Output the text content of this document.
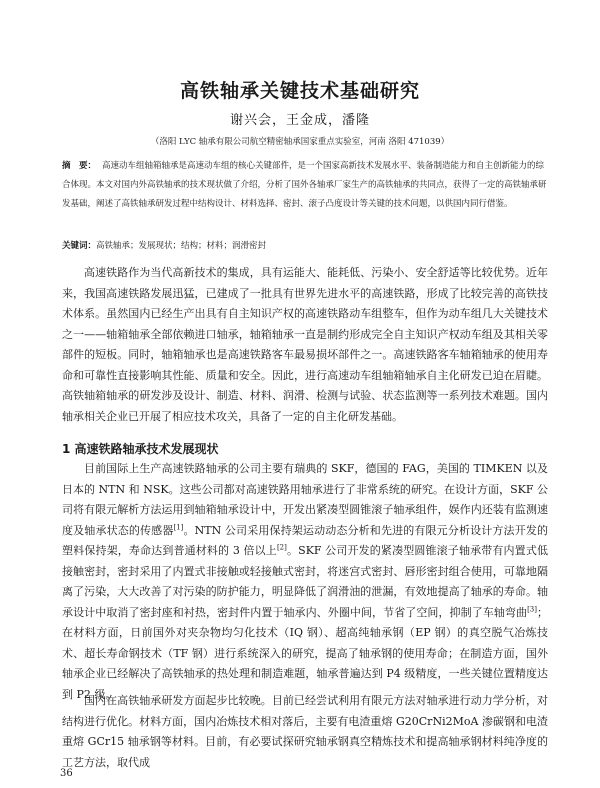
高铁轴承关键技术基础研究
谢兴会，王金成，潘隆
（洛阳 LYC 轴承有限公司航空精密轴承国家重点实验室，河南 洛阳 471039）
摘　要： 高速动车组轴箱轴承是高速动车组的核心关键部件，是一个国家高新技术发展水平、装备制造能力和自主创新能力的综合体现。本文对国内外高铁轴承的技术现状做了介绍，分析了国外各轴承厂家生产的高铁轴承的共同点，获得了一定的高铁轴承研发基础，阐述了高铁轴承研发过程中结构设计、材料选择、密封、滚子凸度设计等关键的技术问题，以供国内同行借鉴。
关键词：高铁轴承；发展现状；结构；材料；润滑密封

高速铁路作为当代高新技术的集成，具有运能大、能耗低、污染小、安全舒适等比较优势。近年来，我国高速铁路发展迅猛，已建成了一批具有世界先进水平的高速铁路，形成了比较完善的高铁技术体系。虽然国内已经生产出具有自主知识产权的高速铁路动车组整车，但作为动车组几大关键技术之一——轴箱轴承全部依赖进口轴承，轴箱轴承一直是制约形成完全自主知识产权动车组及其相关零部件的短板。同时，轴箱轴承也是高速铁路客车最易损坏部件之一。高速铁路客车轴箱轴承的使用寿命和可靠性直接影响其性能、质量和安全。因此，进行高速动车组轴箱轴承自主化研发已迫在眉睫。高铁轴箱轴承的研发涉及设计、制造、材料、润滑、检测与试验、状态监测等一系列技术难题。国内轴承相关企业已开展了相应技术攻关，具备了一定的自主化研发基础。

1 高速铁路轴承技术发展现状

目前国际上生产高速铁路轴承的公司主要有瑞典的 SKF，德国的 FAG，美国的 TIMKEN 以及日本的 NTN 和 NSK。这些公司都对高速铁路用轴承进行了非常系统的研究。在设计方面，SKF 公司将有限元解析方法运用到轴箱轴承设计中，开发出紧凑型圆锥滚子轴承组件，娱作内还装有监测速度及轴承状态的传感器[1]。NTN 公司采用保持架运动动态分析和先进的有限元分析设计方法开发的塑料保持架，寿命达到普通材料的 3 倍以上[2]。SKF 公司开发的紧凑型圆锥滚子轴承带有内置式低接触密封，密封采用了内置式非接触或轻接触式密封，将迷宫式密封、唇形密封组合使用，可靠地隔离了污染，大大改善了对污染的防护能力，明显降低了润滑油的泄漏，有效地提高了轴承的寿命。轴承设计中取消了密封座和衬热，密封件内置于轴承内、外圈中间，节省了空间，抑制了车轴弯曲[3]；在材料方面，日前国外对夹杂物均匀化技术（IQ 钢）、超高纯轴承钢（EP 钢）的真空脱气冶炼技术、超长寿命钢技术（TF 钢）进行系统深入的研究，提高了轴承钢的使用寿命；在制造方面，国外轴承企业已经解决了高铁轴承的热处理和制造难题，轴承普遍达到 P4 级精度，一些关键位置精度达到 P2 级。

国内在高铁轴承研发方面起步比较晚。目前已经尝试利用有限元方法对轴承进行动力学分析，对结构进行优化。材料方面，国内冶炼技术相对落后，主要有电渣重熔 G20CrNi2MoA 渗碳钢和电渣重熔 GCr15 轴承钢等材料。目前，有必要试探研究轴承钢真空精炼技术和提高轴承钢材料纯净度的工艺方法，取代成

36
